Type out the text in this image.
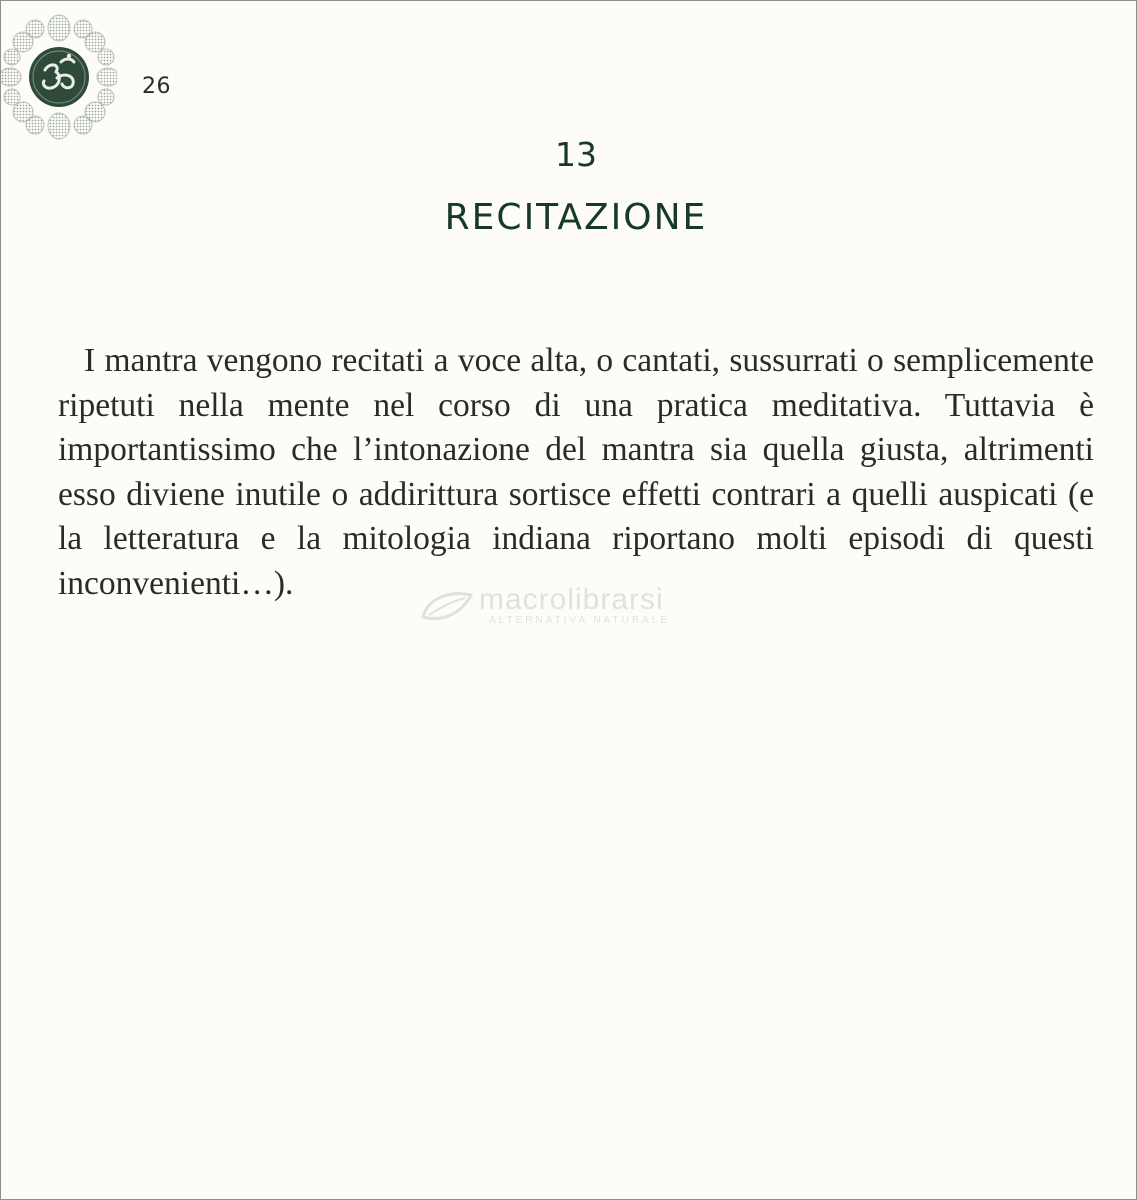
26
13
RECITAZIONE

I mantra vengono recitati a voce alta, o cantati, sussurrati o semplicemente ripetuti nella mente nel corso di una pratica meditativa. Tuttavia è importantissimo che l’intonazione del mantra sia quella giusta, altrimenti esso diviene inutile o addirittura sortisce effetti contrari a quelli auspicati (e la letteratura e la mitologia indiana riportano molti episodi di questi inconvenienti…).	macrolibrarsi
ALTERNATIVA NATURALE
